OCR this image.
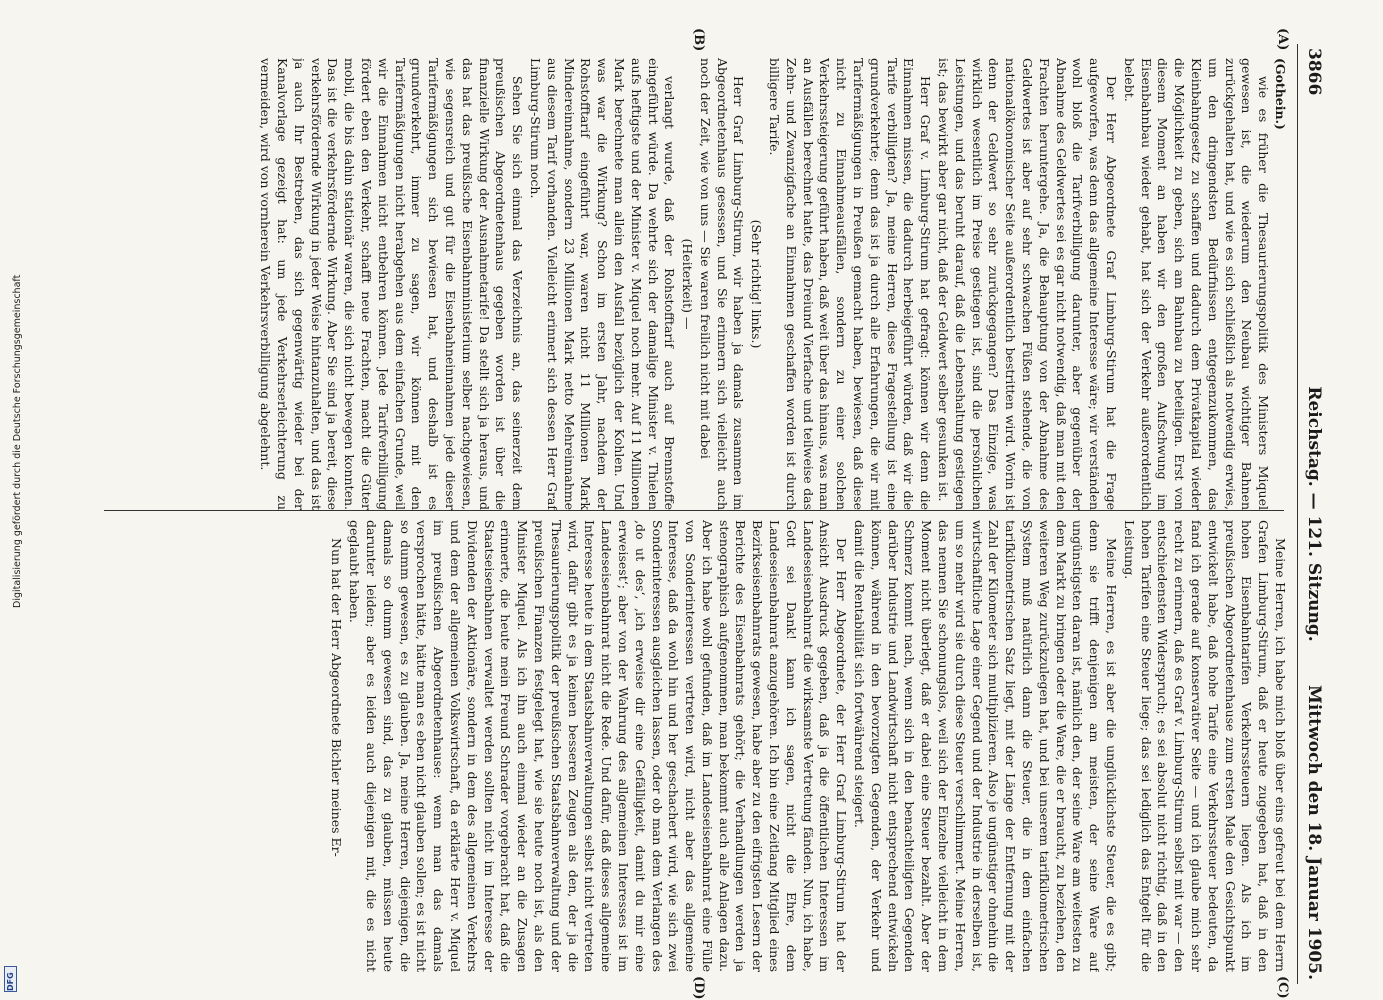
3866
Reichstag. — 121. Sitzung.
Mittwoch den 18. Januar 1905.
(Gothein.)

wie es früher die Thesaurierungspolitik des Ministers Miquel gewesen ist, die wiederum den Neubau wichtiger Bahnen zurückgehalten hat, und wie es sich schließlich als notwendig erwies, um den dringendsten Bedürfnissen entgegenzukommen, das Kleinbahngesetz zu schaffen und dadurch dem Privatkapital wieder die Möglichkeit zu geben, sich am Bahnbau zu beteiligen. Erst von diesem Moment an haben wir den großen Aufschwung im Eisenbahnbau wieder gehabt, hat sich der Verkehr außerordentlich belebt.

Der Herr Abgeordnete Graf Limburg-Stirum hat die Frage aufgeworfen, was denn das allgemeine Interesse wäre; wir verständen wohl bloß die Tarifverbilligung darunter, aber gegenüber der Abnahme des Geldwertes sei es gar nicht notwendig, daß man mit den Frachten heruntergehe. Ja, die Behauptung von der Abnahme des Geldwertes ist aber auf sehr schwachen Füßen stehende, die von nationalökonomischer Seite außerordentlich bestritten wird. Worin ist denn der Geldwert so sehr zurückgegangen? Das Einzige, was wirklich wesentlich im Preise gestiegen ist, sind die persönlichen Leistungen, und das beruht darauf, daß die Lebenshaltung gestiegen ist; das bewirkt aber gar nicht, daß der Geldwert selber gesunken ist.

Herr Graf v. Limburg-Stirum hat gefragt: können wir denn die Einnahmen missen, die dadurch herbeigeführt würden, daß wir die Tarife verbilligten? Ja, meine Herren, diese Fragestellung ist eine grundverkehrte; denn das ist ja durch alle Erfahrungen, die wir mit Tarifermäßigungen in Preußen gemacht haben, bewiesen, daß diese nicht zu Einnahmeausfällen, sondern zu einer solchen Verkehrssteigerung geführt haben, daß weit über das hinaus, was man an Ausfällen berechnet hatte, das Dreiund Vierfache und teilweise das Zehn- und Zwanzigfache an Einnahmen geschaffen worden ist durch billigere Tarife.

(Sehr richtig! links.)

Herr Graf Limburg-Stirum, wir haben ja damals zusammen im Abgeordnetenhaus gesessen, und Sie erinnern sich vielleicht auch noch der Zeit, wie von uns — Sie waren freilich nicht mit dabei

(Heiterkeit) —

verlangt wurde, daß der Rohstofftarif auch auf Brennstoffe eingeführt würde. Da wehrte sich der damalige Minister v. Thielen aufs heftigste und der Minister v. Miquel noch mehr. Auf 11 Millionen Mark berechnete man allein den Ausfall bezüglich der Kohlen. Und was war die Wirkung? Schon im ersten Jahr, nachdem der Rohstofftarif eingeführt war, waren nicht 11 Millionen Mark Mindereinnahme, sondern 23 Millionen Mark netto Mehreinnahme aus diesem Tarif vorhanden. Vielleicht erinnert sich dessen Herr Graf Limburg-Stirum noch.

Sehen Sie sich einmal das Verzeichnis an, das seinerzeit dem preußischen Abgeordnetenhaus gegeben worden ist über die finanzielle Wirkung der Ausnahmetarife! Da stellt sich ja heraus, und das hat das preußische Eisenbahnministerium selber nachgewiesen, wie segensreich und gut für die Eisenbahneinnahmen jede dieser Tarifermäßigungen sich bewiesen hat, und deshalb ist es grundverkehrt, immer zu sagen, wir können mit den Tarifermäßigungen nicht herabgehen aus dem einfachen Grunde, weil wir die Einnahmen nicht entbehren können. Jede Tarifverbilligung fördert eben den Verkehr, schafft neue Frachten, macht die Güter mobil, die bis dahin stationär waren, die sich nicht bewegen konnten. Das ist die verkehrsfördernde Wirkung. Aber Sie sind ja bereit, diese verkehrsfördernde Wirkung in jeder Weise hintanzuhalten, und das ist ja auch Ihr Bestreben, das sich gegenwärtig wieder bei der Kanalvorlage gezeigt hat: um jede Verkehrserleichterung zu vermeiden, wird von vornherein Verkehrsverbilligung abgelehnt.

Meine Herren, ich habe mich bloß über eins gefreut bei dem Herrn Grafen Limburg-Stirum, daß er heute zugegeben hat, daß in den hohen Eisenbahntarifen Verkehrssteuern liegen. Als ich im preußischen Abgeordnetenhause zum ersten Male den Gesichtspunkt entwickelt habe, daß hohe Tarife eine Verkehrssteuer bedeuten, da fand ich gerade auf konservativer Seite — und ich glaube mich sehr recht zu erinnern, daß es Graf v. Limburg-Stirum selbst mit war — den entschiedensten Widerspruch; es sei absolut nicht richtig, daß in den hohen Tarifen eine Steuer liege; das sei lediglich das Entgelt für die Leistung.

Meine Herren, es ist aber die unglücklichste Steuer, die es gibt; denn sie trifft denjenigen am meisten, der seine Ware auf ungünstigsten daran ist, nämlich den, der seine Ware am weitesten zu dem Markt zu bringen oder die Ware, die er braucht, zu beziehen, den weiteren Weg zurückzulegen hat, und bei unserem tarifkilometrischen System muß natürlich dann die Steuer, die in dem einfachen tarifkilometrischen Satz liegt, mit der Länge der Entfernung mit der Zahl der Kilometer sich multiplizieren. Also je ungünstiger ohnehin die wirtschaftliche Lage einer Gegend und der Industrie in derselben ist, um so mehr wird sie durch diese Steuer verschlimmert. Meine Herren, das nennen Sie schonungslos, weil sich der Einzelne vielleicht in dem Moment nicht überlegt, daß er dabei eine Steuer bezahlt. Aber der Schmerz kommt nach, wenn sich in den benachteiligten Gegenden darüber Industrie und Landwirtschaft nicht entsprechend entwickeln können, während in den bevorzugten Gegenden, der Verkehr und damit die Rentabilität sich fortwährend steigert.

Der Herr Abgeordnete, der Herr Graf Limburg-Stirum hat der Ansicht Ausdruck gegeben, daß ja die öffentlichen Interessen im Landeseisenbahnrat die wirksamste Vertretung fänden. Nun, ich habe, Gott sei Dank! kann ich sagen, nicht die Ehre, dem Landeseisenbahnrat anzugehören. Ich bin eine Zeitlang Mitglied eines Bezirkseisenbahnrats gewesen, habe aber zu den eifrigsten Lesern der Berichte des Eisenbahnrats gehört; die Verhandlungen werden ja stenographisch aufgenommen, man bekommt auch alle Anlagen dazu. Aber ich habe wohl gefunden, daß im Landeseisenbahnrat eine Fülle von Sonderinteressen vertreten wird, nicht aber das allgemeine Interesse, daß da wohl hin und her geschachert wird, wie sich zwei Sonderinteressen ausgleichen lassen, oder ob man dem Verlangen des ‚do ut des‘, ‚ich erweise dir eine Gefälligkeit, damit du mir eine erweisest‘; aber von der Wahrung des allgemeinen Interesses ist im Landeseisenbahnrat nicht die Rede. Und dafür, daß dieses allgemeine Interesse heute in dem Staatsbahnverwaltungen selbst nicht vertreten wird, dafür gibt es ja keinen besseren Zeugen als den, der ja die Thesaurierungspolitik der preußischen Staatsbahnverwaltung und der preußischen Finanzen festgelegt hat, wie sie heute noch ist, als den Minister Miquel. Als ich ihn auch einmal wieder an die Zusagen erinnerte, die heute mein Freund Schrader vorgebracht hat, daß die Staatseisenbahnen verwaltet werden sollten nicht im Interesse der Dividenden der Aktionäre, sondern in dem des allgemeinen Verkehrs und dem der allgemeinen Volkswirtschaft, da erklärte Herr v. Miquel im preußischen Abgeordnetenhause: wenn man das damals versprochen hätte, hätte man es eben nicht glauben sollen; es ist nicht so dumm gewesen, es zu glauben. Ja, meine Herren, diejenigen, die damals so dumm gewesen sind, das zu glauben, müssen heute darunter leiden; aber es leiden auch diejenigen mit, die es nicht geglaubt haben.

Nun hat der Herr Abgeordnete Bichler meines Er-

(A)
(B)
(C)
(D)
Digitalisierung gefördert durch die Deutsche Forschungsgemeinschaft
DFG
